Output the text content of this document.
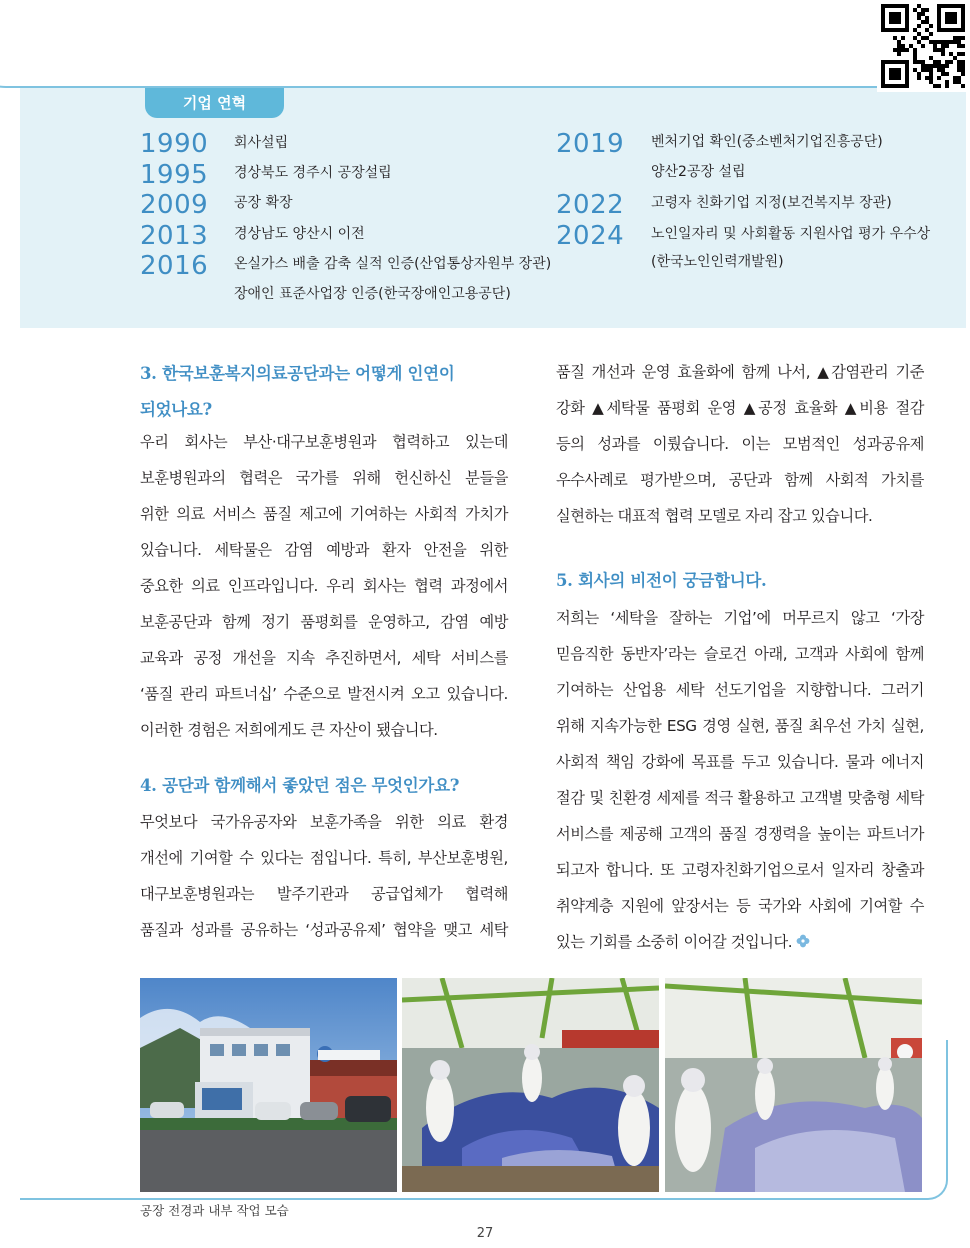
기업 연혁
1990 회사설립
1995 경상북도 경주시 공장설립
2009 공장 확장
2013 경상남도 양산시 이전
2016 온실가스 배출 감축 실적 인증(산업통상자원부 장관)
장애인 표준사업장 인증(한국장애인고용공단)
2019 벤처기업 확인(중소벤처기업진흥공단)
양산2공장 설립
2022 고령자 친화기업 지정(보건복지부 장관)
2024 노인일자리 및 사회활동 지원사업 평가 우수상
(한국노인인력개발원)
3. 한국보훈복지의료공단과는 어떻게 인연이
되었나요?
우리 회사는 부산·대구보훈병원과 협력하고 있는데
보훈병원과의 협력은 국가를 위해 헌신하신 분들을
위한 의료 서비스 품질 제고에 기여하는 사회적 가치가
있습니다. 세탁물은 감염 예방과 환자 안전을 위한
중요한 의료 인프라입니다. 우리 회사는 협력 과정에서
보훈공단과 함께 정기 품평회를 운영하고, 감염 예방
교육과 공정 개선을 지속 추진하면서, 세탁 서비스를
‘품질 관리 파트너십’ 수준으로 발전시켜 오고 있습니다.
이러한 경험은 저희에게도 큰 자산이 됐습니다.
4. 공단과 함께해서 좋았던 점은 무엇인가요?
무엇보다 국가유공자와 보훈가족을 위한 의료 환경
개선에 기여할 수 있다는 점입니다. 특히, 부산보훈병원,
대구보훈병원과는 발주기관과 공급업체가 협력해
품질과 성과를 공유하는 ‘성과공유제’ 협약을 맺고 세탁
품질 개선과 운영 효율화에 함께 나서, ▲감염관리 기준
강화 ▲세탁물 품평회 운영 ▲공정 효율화 ▲비용 절감
등의 성과를 이뤘습니다. 이는 모범적인 성과공유제
우수사례로 평가받으며, 공단과 함께 사회적 가치를
실현하는 대표적 협력 모델로 자리 잡고 있습니다.
5. 회사의 비전이 궁금합니다.
저희는 ‘세탁을 잘하는 기업’에 머무르지 않고 ‘가장
믿음직한 동반자’라는 슬로건 아래, 고객과 사회에 함께
기여하는 산업용 세탁 선도기업을 지향합니다. 그러기
위해 지속가능한 ESG 경영 실현, 품질 최우선 가치 실현,
사회적 책임 강화에 목표를 두고 있습니다. 물과 에너지
절감 및 친환경 세제를 적극 활용하고 고객별 맞춤형 세탁
서비스를 제공해 고객의 품질 경쟁력을 높이는 파트너가
되고자 합니다. 또 고령자친화기업으로서 일자리 창출과
취약계층 지원에 앞장서는 등 국가와 사회에 기여할 수
있는 기회를 소중히 이어갈 것입니다.
공장 전경과 내부 작업 모습
27
